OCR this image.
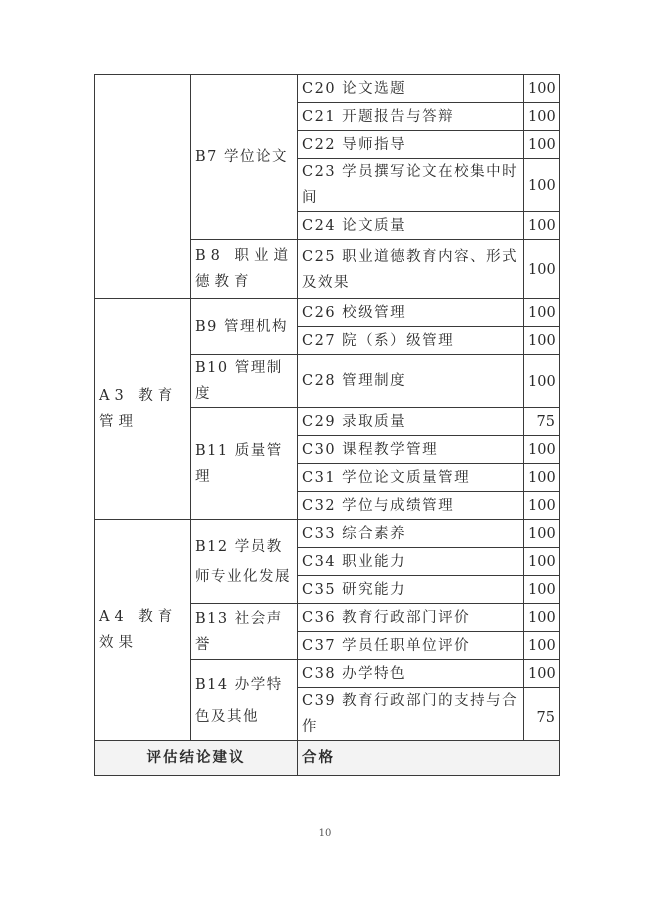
	B7 学位论文	C20 论文选题	100
		C21 开题报告与答辩	100
		C22 导师指导	100
		C23 学员撰写论文在校集中时间	100
		C24 论文质量	100
	B8 职业道德教育	C25 职业道德教育内容、形式及效果	100
A3 教育管理	B9 管理机构	C26 校级管理	100
		C27 院（系）级管理	100
	B10 管理制度	C28 管理制度	100
	B11 质量管理	C29 录取质量	75
		C30 课程教学管理	100
		C31 学位论文质量管理	100
		C32 学位与成绩管理	100
A4 教育效果	B12 学员教师专业化发展	C33 综合素养	100
		C34 职业能力	100
		C35 研究能力	100
	B13 社会声誉	C36 教育行政部门评价	100
		C37 学员任职单位评价	100
	B14 办学特色及其他	C38 办学特色	100
		C39 教育行政部门的支持与合作	75
评估结论建议		合格	
10
